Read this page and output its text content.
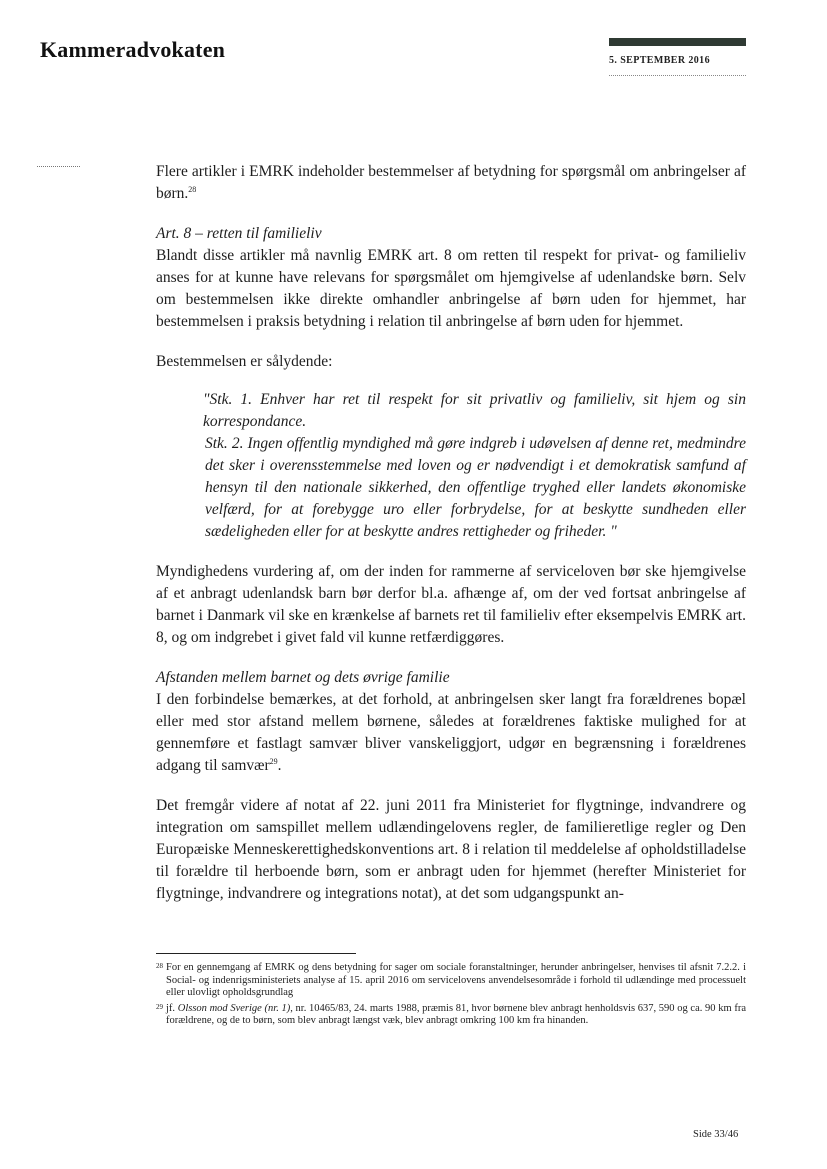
Kammeradvokaten	5. SEPTEMBER 2016

Flere artikler i EMRK indeholder bestemmelser af betydning for spørgsmål om anbringelser af børn.$^{28}$

Art. 8 – retten til familieliv

Blandt disse artikler må navnlig EMRK art. 8 om retten til respekt for privat- og familieliv anses for at kunne have relevans for spørgsmålet om hjemgivelse af udenlandske børn. Selv om bestemmelsen ikke direkte omhandler anbringelse af børn uden for hjemmet, har bestemmelsen i praksis betydning i relation til anbringelse af børn uden for hjemmet.

Bestemmelsen er sålydende:

"Stk. 1. Enhver har ret til respekt for sit privatliv og familieliv, sit hjem og sin korrespondance.
Stk. 2. Ingen offentlig myndighed må gøre indgreb i udøvelsen af denne ret, medmindre det sker i overensstemmelse med loven og er nødvendigt i et demokratisk samfund af hensyn til den nationale sikkerhed, den offentlige tryghed eller landets økonomiske velfærd, for at forebygge uro eller forbrydelse, for at beskytte sundheden eller sædeligheden eller for at beskytte andres rettigheder og friheder. "

Myndighedens vurdering af, om der inden for rammerne af serviceloven bør ske hjemgivelse af et anbragt udenlandsk barn bør derfor bl.a. afhænge af, om der ved fortsat anbringelse af barnet i Danmark vil ske en krænkelse af barnets ret til familieliv efter eksempelvis EMRK art. 8, og om indgrebet i givet fald vil kunne retfærdiggøres.

Afstanden mellem barnet og dets øvrige familie

I den forbindelse bemærkes, at det forhold, at anbringelsen sker langt fra forældrenes bopæl eller med stor afstand mellem børnene, således at forældrenes faktiske mulighed for at gennemføre et fastlagt samvær bliver vanskeliggjort, udgør en begrænsning i forældrenes adgang til samvær$^{29}$.

Det fremgår videre af notat af 22. juni 2011 fra Ministeriet for flygtninge, indvandrere og integration om samspillet mellem udlændingelovens regler, de familieretlige regler og Den Europæiske Menneskerettighedskonventions art. 8 i relation til meddelelse af opholdstilladelse til forældre til herboende børn, som er anbragt uden for hjemmet (herefter Ministeriet for flygtninge, indvandrere og integrations notat), at det som udgangspunkt an-

28 For en gennemgang af EMRK og dens betydning for sager om sociale foranstaltninger, herunder anbringelser, henvises til afsnit 7.2.2. i Social- og indenrigsministeriets analyse af 15. april 2016 om servicelovens anvendelsesområde i forhold til udlændinge med processuelt eller ulovligt opholdsgrundlag

29 jf. Olsson mod Sverige (nr. 1), nr. 10465/83, 24. marts 1988, præmis 81, hvor børnene blev anbragt henholdsvis 637, 590 og ca. 90 km fra forældrene, og de to børn, som blev anbragt længst væk, blev anbragt omkring 100 km fra hinanden.

Side 33/46
